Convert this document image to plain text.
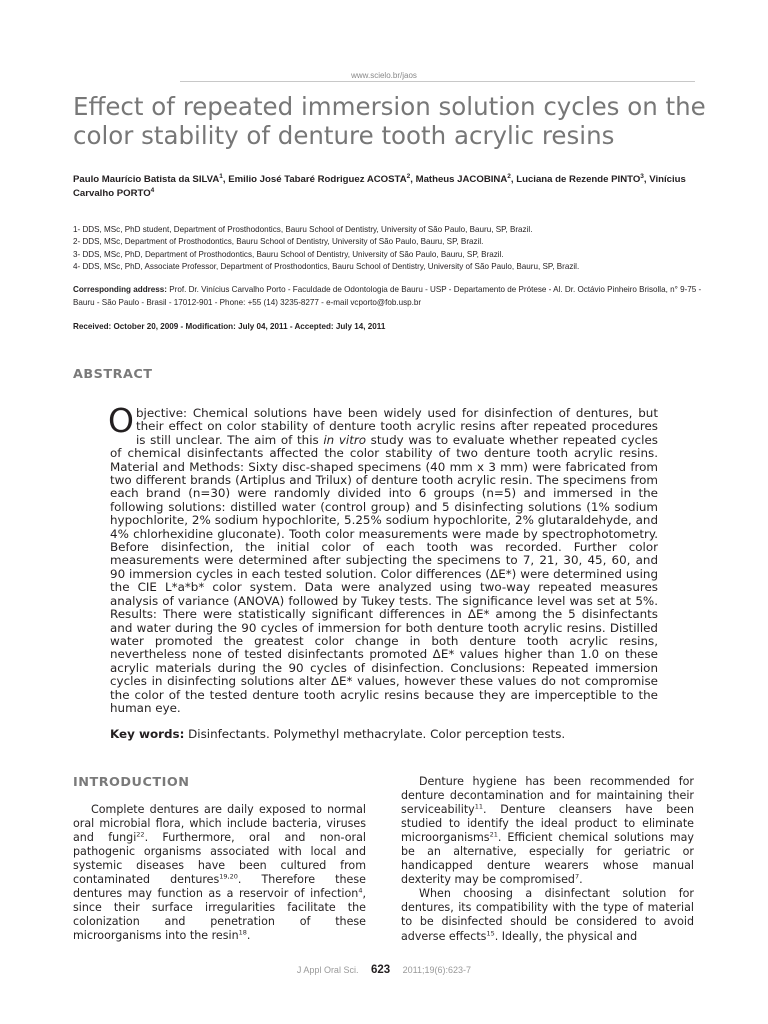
www.scielo.br/jaos
Effect of repeated immersion solution cycles on the color stability of denture tooth acrylic resins
Paulo Maurício Batista da SILVA$^1$, Emilio José Tabaré Rodriguez ACOSTA$^2$, Matheus JACOBINA$^2$, Luciana de Rezende PINTO$^3$, Vinícius Carvalho PORTO$^4$
1- DDS, MSc, PhD student, Department of Prosthodontics, Bauru School of Dentistry, University of São Paulo, Bauru, SP, Brazil.
2- DDS, MSc, Department of Prosthodontics, Bauru School of Dentistry, University of São Paulo, Bauru, SP, Brazil.
3- DDS, MSc, PhD, Department of Prosthodontics, Bauru School of Dentistry, University of São Paulo, Bauru, SP, Brazil.
4- DDS, MSc, PhD, Associate Professor, Department of Prosthodontics, Bauru School of Dentistry, University of São Paulo, Bauru, SP, Brazil.
Corresponding address: Prof. Dr. Vinícius Carvalho Porto - Faculdade de Odontologia de Bauru - USP - Departamento de Prótese - Al. Dr. Octávio Pinheiro Brisolla, n° 9-75 - Bauru - São Paulo - Brasil - 17012-901 - Phone: +55 (14) 3235-8277 - e-mail vcporto@fob.usp.br
Received: October 20, 2009 - Modification: July 04, 2011 - Accepted: July 14, 2011
ABSTRACT

Objective: Chemical solutions have been widely used for disinfection of dentures, but their effect on color stability of denture tooth acrylic resins after repeated procedures is still unclear. The aim of this in vitro study was to evaluate whether repeated cycles of chemical disinfectants affected the color stability of two denture tooth acrylic resins. Material and Methods: Sixty disc-shaped specimens (40 mm x 3 mm) were fabricated from two different brands (Artiplus and Trilux) of denture tooth acrylic resin. The specimens from each brand (n=30) were randomly divided into 6 groups (n=5) and immersed in the following solutions: distilled water (control group) and 5 disinfecting solutions (1% sodium hypochlorite, 2% sodium hypochlorite, 5.25% sodium hypochlorite, 2% glutaraldehyde, and 4% chlorhexidine gluconate). Tooth color measurements were made by spectrophotometry. Before disinfection, the initial color of each tooth was recorded. Further color measurements were determined after subjecting the specimens to 7, 21, 30, 45, 60, and 90 immersion cycles in each tested solution. Color differences (ΔE*) were determined using the CIE L*a*b* color system. Data were analyzed using two-way repeated measures analysis of variance (ANOVA) followed by Tukey tests. The significance level was set at 5%. Results: There were statistically significant differences in ΔE* among the 5 disinfectants and water during the 90 cycles of immersion for both denture tooth acrylic resins. Distilled water promoted the greatest color change in both denture tooth acrylic resins, nevertheless none of tested disinfectants promoted ΔE* values higher than 1.0 on these acrylic materials during the 90 cycles of disinfection. Conclusions: Repeated immersion cycles in disinfecting solutions alter ΔE* values, however these values do not compromise the color of the tested denture tooth acrylic resins because they are imperceptible to the human eye.

Key words: Disinfectants. Polymethyl methacrylate. Color perception tests.
INTRODUCTION

Complete dentures are daily exposed to normal oral microbial flora, which include bacteria, viruses and fungi$^{22}$. Furthermore, oral and non-oral pathogenic organisms associated with local and systemic diseases have been cultured from contaminated dentures$^{19,20}$. Therefore these dentures may function as a reservoir of infection$^4$, since their surface irregularities facilitate the colonization and penetration of these microorganisms into the resin$^{18}$.

Denture hygiene has been recommended for denture decontamination and for maintaining their serviceability$^{11}$. Denture cleansers have been studied to identify the ideal product to eliminate microorganisms$^{21}$. Efficient chemical solutions may be an alternative, especially for geriatric or handicapped denture wearers whose manual dexterity may be compromised$^7$.

When choosing a disinfectant solution for dentures, its compatibility with the type of material to be disinfected should be considered to avoid adverse effects$^{15}$. Ideally, the physical and

J Appl Oral Sci. 623 2011;19(6):623-7
